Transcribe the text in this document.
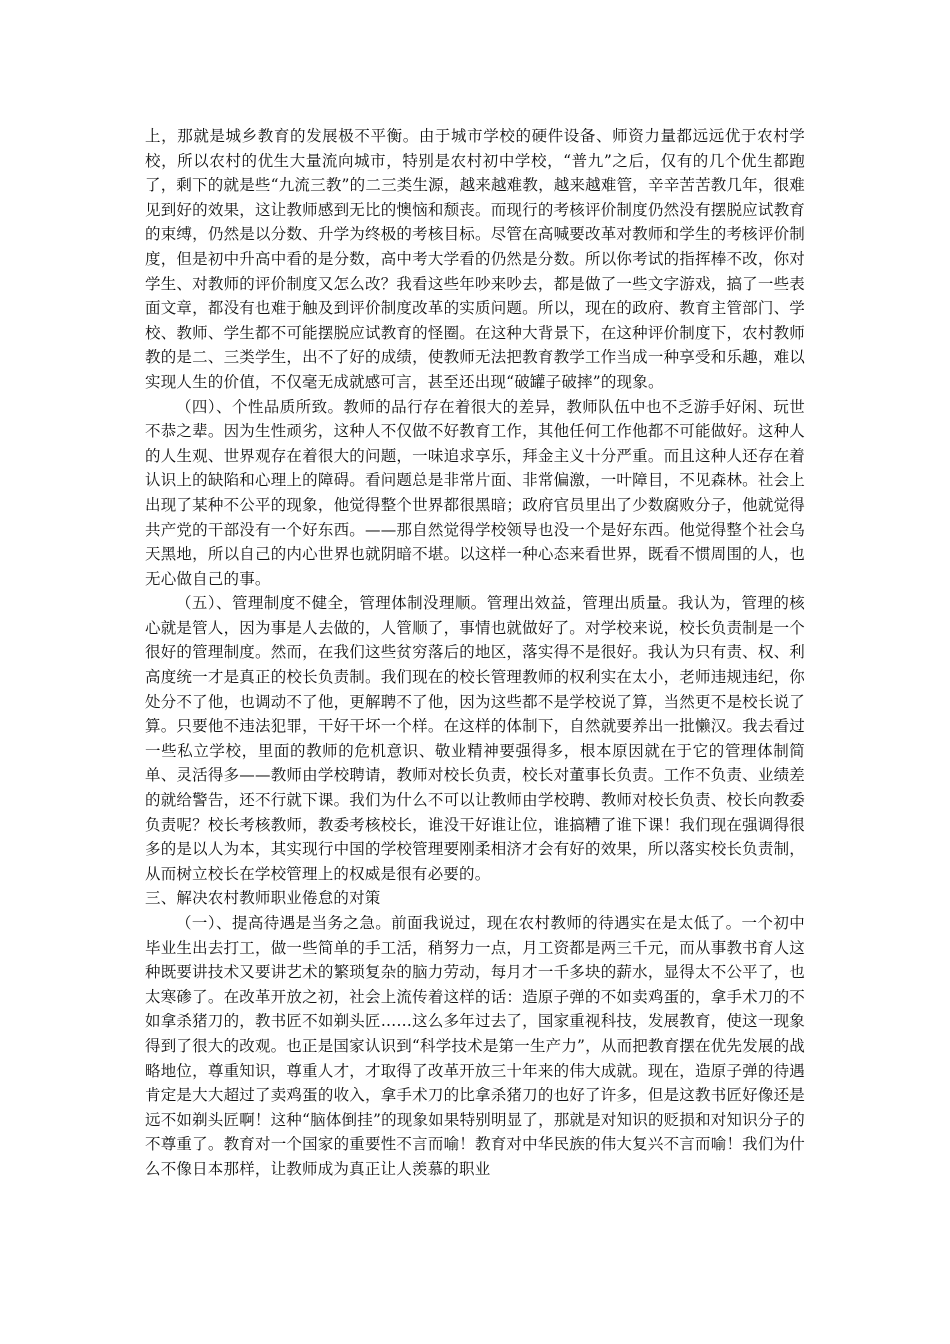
上，那就是城乡教育的发展极不平衡。由于城市学校的硬件设备、师资力量都远远优于农村学校，所以农村的优生大量流向城市，特别是农村初中学校，“普九”之后，仅有的几个优生都跑了，剩下的就是些“九流三教”的二三类生源，越来越难教，越来越难管，辛辛苦苦教几年，很难见到好的效果，这让教师感到无比的懊恼和颓丧。而现行的考核评价制度仍然没有摆脱应试教育的束缚，仍然是以分数、升学为终极的考核目标。尽管在高喊要改革对教师和学生的考核评价制度，但是初中升高中看的是分数，高中考大学看的仍然是分数。所以你考试的指挥棒不改，你对学生、对教师的评价制度又怎么改？我看这些年吵来吵去，都是做了一些文字游戏，搞了一些表面文章，都没有也难于触及到评价制度改革的实质问题。所以，现在的政府、教育主管部门、学校、教师、学生都不可能摆脱应试教育的怪圈。在这种大背景下，在这种评价制度下，农村教师教的是二、三类学生，出不了好的成绩，使教师无法把教育教学工作当成一种享受和乐趣，难以实现人生的价值，不仅毫无成就感可言，甚至还出现“破罐子破摔”的现象。

（四）、个性品质所致。教师的品行存在着很大的差异，教师队伍中也不乏游手好闲、玩世不恭之辈。因为生性顽劣，这种人不仅做不好教育工作，其他任何工作他都不可能做好。这种人的人生观、世界观存在着很大的问题，一味追求享乐，拜金主义十分严重。而且这种人还存在着认识上的缺陷和心理上的障碍。看问题总是非常片面、非常偏激，一叶障目，不见森林。社会上出现了某种不公平的现象，他觉得整个世界都很黑暗；政府官员里出了少数腐败分子，他就觉得共产党的干部没有一个好东西。——那自然觉得学校领导也没一个是好东西。他觉得整个社会乌天黑地，所以自己的内心世界也就阴暗不堪。以这样一种心态来看世界，既看不惯周围的人，也无心做自己的事。

（五）、管理制度不健全，管理体制没理顺。管理出效益，管理出质量。我认为，管理的核心就是管人，因为事是人去做的，人管顺了，事情也就做好了。对学校来说，校长负责制是一个很好的管理制度。然而，在我们这些贫穷落后的地区，落实得不是很好。我认为只有责、权、利高度统一才是真正的校长负责制。我们现在的校长管理教师的权利实在太小，老师违规违纪，你处分不了他，也调动不了他，更解聘不了他，因为这些都不是学校说了算，当然更不是校长说了算。只要他不违法犯罪，干好干坏一个样。在这样的体制下，自然就要养出一批懒汉。我去看过一些私立学校，里面的教师的危机意识、敬业精神要强得多，根本原因就在于它的管理体制简单、灵活得多——教师由学校聘请，教师对校长负责，校长对董事长负责。工作不负责、业绩差的就给警告，还不行就下课。我们为什么不可以让教师由学校聘、教师对校长负责、校长向教委负责呢？校长考核教师，教委考核校长，谁没干好谁让位，谁搞糟了谁下课！我们现在强调得很多的是以人为本，其实现行中国的学校管理要刚柔相济才会有好的效果，所以落实校长负责制，从而树立校长在学校管理上的权威是很有必要的。

三、解决农村教师职业倦怠的对策

（一）、提高待遇是当务之急。前面我说过，现在农村教师的待遇实在是太低了。一个初中毕业生出去打工，做一些简单的手工活，稍努力一点，月工资都是两三千元，而从事教书育人这种既要讲技术又要讲艺术的繁琐复杂的脑力劳动，每月才一千多块的薪水，显得太不公平了，也太寒碜了。在改革开放之初，社会上流传着这样的话：造原子弹的不如卖鸡蛋的，拿手术刀的不如拿杀猪刀的，教书匠不如剃头匠……这么多年过去了，国家重视科技，发展教育，使这一现象得到了很大的改观。也正是国家认识到“科学技术是第一生产力”，从而把教育摆在优先发展的战略地位，尊重知识，尊重人才，才取得了改革开放三十年来的伟大成就。现在，造原子弹的待遇肯定是大大超过了卖鸡蛋的收入，拿手术刀的比拿杀猪刀的也好了许多，但是这教书匠好像还是远不如剃头匠啊！这种“脑体倒挂”的现象如果特别明显了，那就是对知识的贬损和对知识分子的不尊重了。教育对一个国家的重要性不言而喻！教育对中华民族的伟大复兴不言而喻！我们为什么不像日本那样，让教师成为真正让人羡慕的职业
